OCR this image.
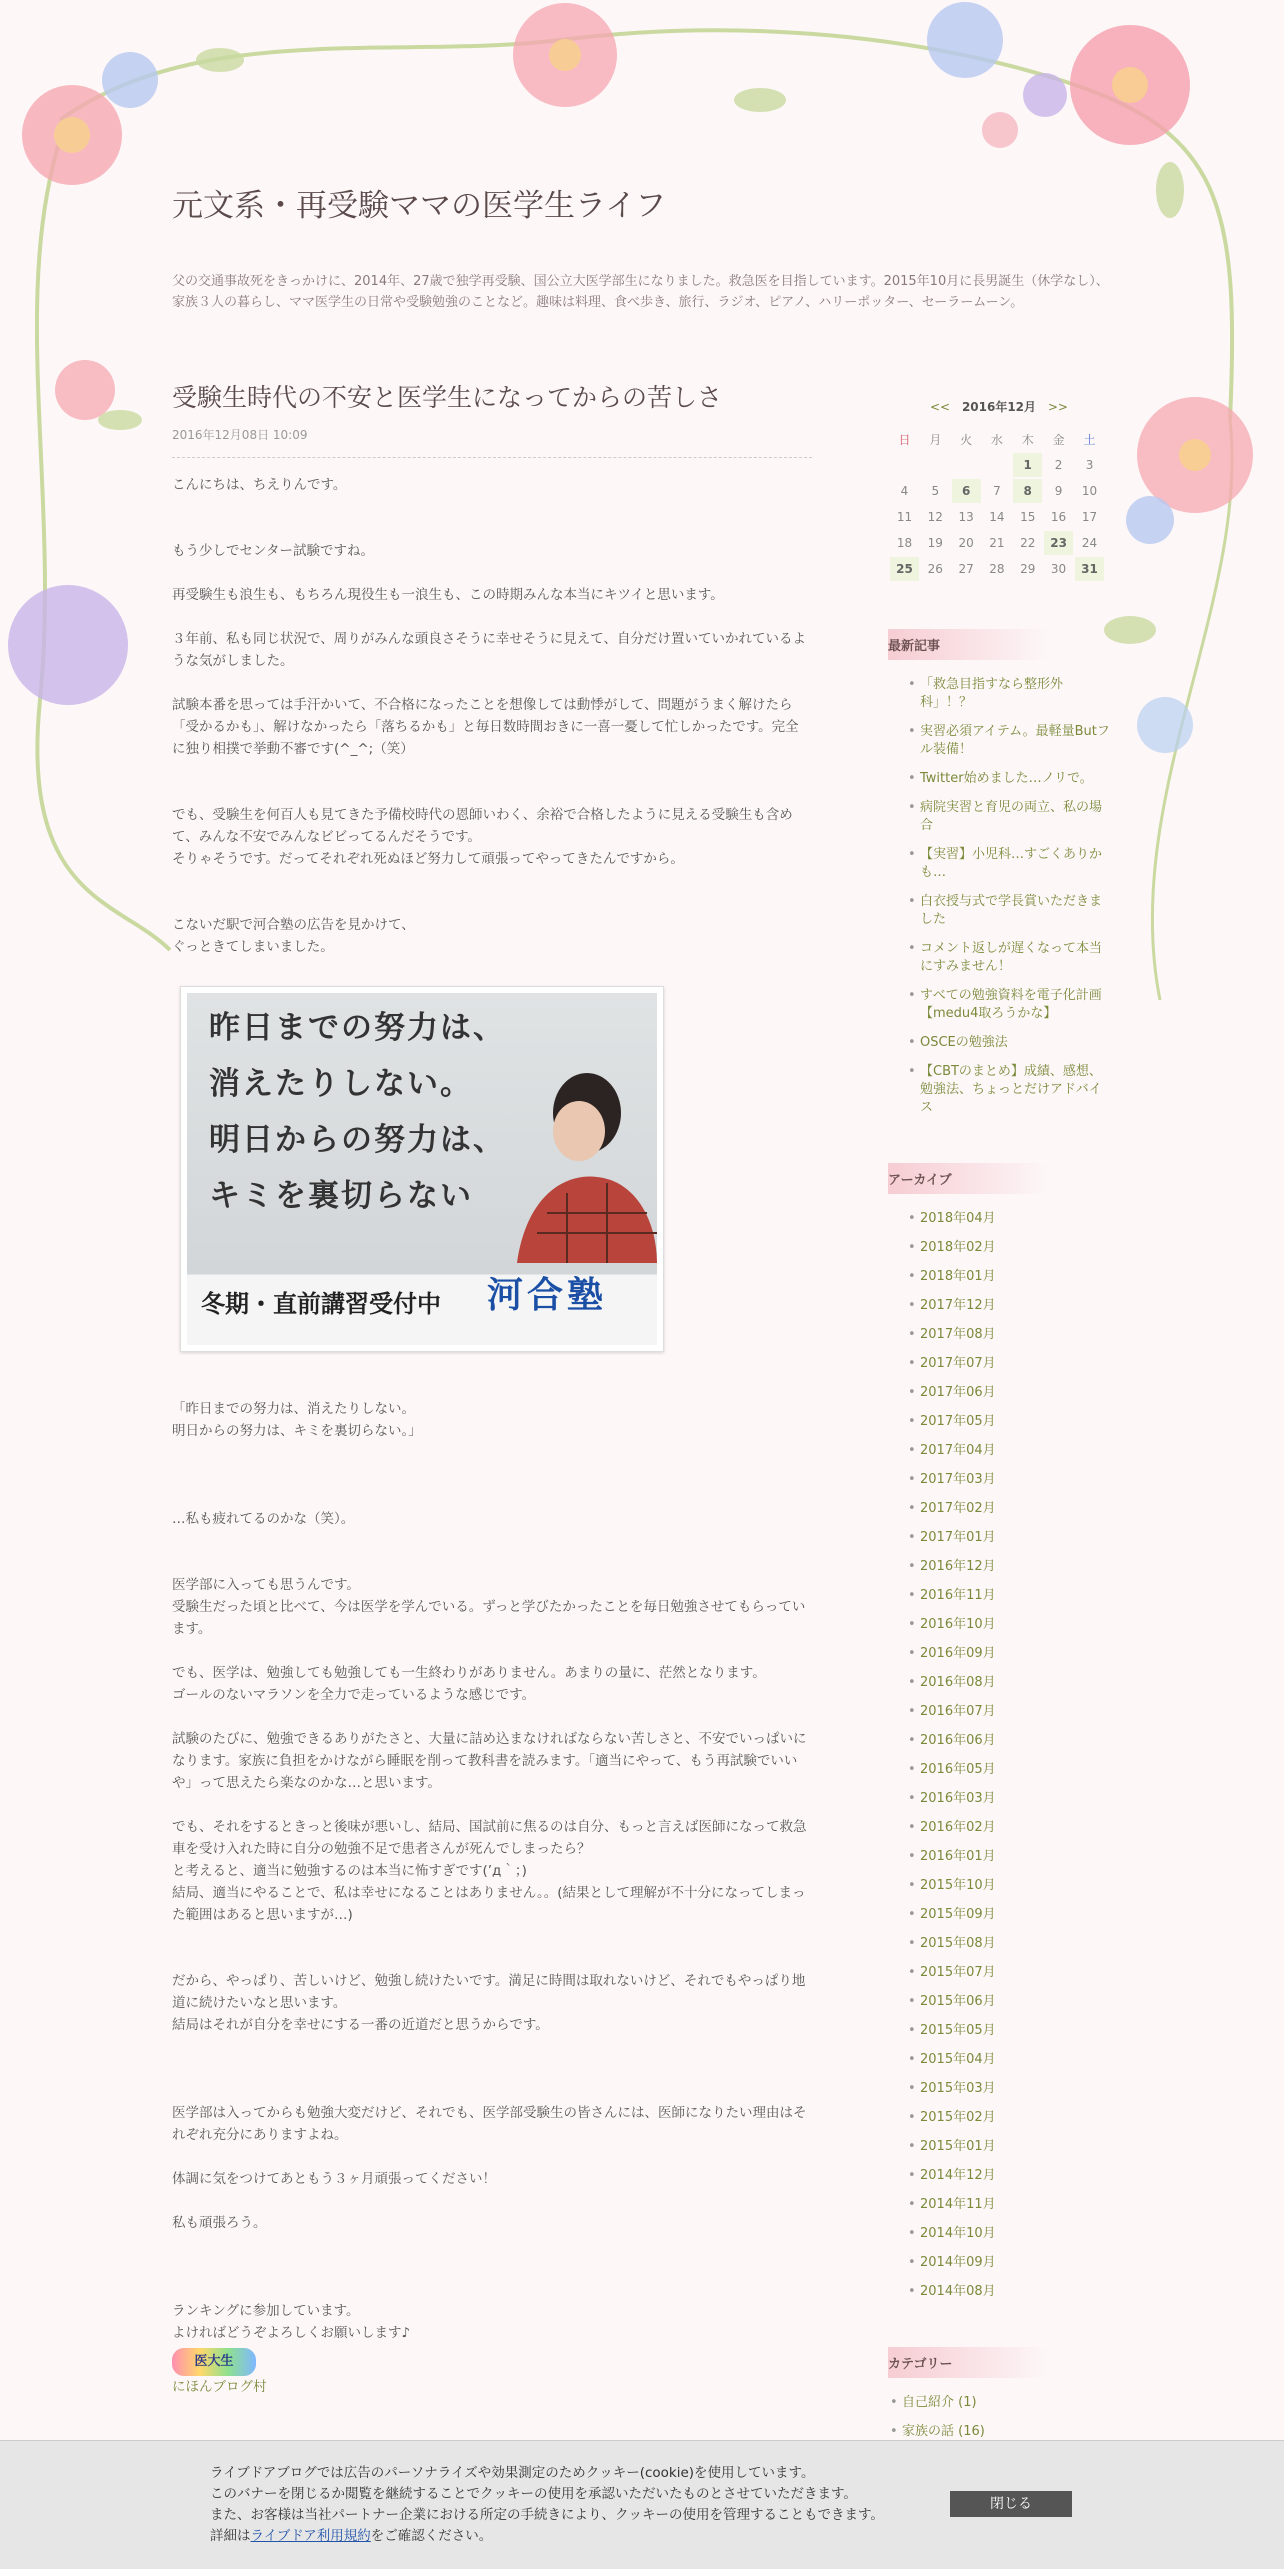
元文系・再受験ママの医学生ライフ

父の交通事故死をきっかけに、2014年、27歳で独学再受験、国公立大医学部生になりました。救急医を目指しています。2015年10月に長男誕生（休学なし）、家族３人の暮らし、ママ医学生の日常や受験勉強のことなど。趣味は料理、食べ歩き、旅行、ラジオ、ピアノ、ハリーポッター、セーラームーン。

受験生時代の不安と医学生になってからの苦しさ
2016年12月08日 10:09

こんにちは、ちえりんです。

もう少しでセンター試験ですね。

再受験生も浪生も、もちろん現役生も一浪生も、この時期みんな本当にキツイと思います。

３年前、私も同じ状況で、周りがみんな頭良さそうに幸せそうに見えて、自分だけ置いていかれているような気がしました。

試験本番を思っては手汗かいて、不合格になったことを想像しては動悸がして、問題がうまく解けたら「受かるかも」、解けなかったら「落ちるかも」と毎日数時間おきに一喜一憂して忙しかったです。完全に独り相撲で挙動不審です(^_^;（笑）

でも、受験生を何百人も見てきた予備校時代の恩師いわく、余裕で合格したように見える受験生も含めて、みんな不安でみんなビビってるんだそうです。
そりゃそうです。だってそれぞれ死ぬほど努力して頑張ってやってきたんですから。

こないだ駅で河合塾の広告を見かけて、
ぐっときてしまいました。

昨日までの努力は、
消えたりしない。
明日からの努力は、
キミを裏切らない
冬期・直前講習受付中 河合塾

「昨日までの努力は、消えたりしない。
明日からの努力は、キミを裏切らない。」

…私も疲れてるのかな（笑）。

医学部に入っても思うんです。
受験生だった頃と比べて、今は医学を学んでいる。ずっと学びたかったことを毎日勉強させてもらっています。

でも、医学は、勉強しても勉強しても一生終わりがありません。あまりの量に、茫然となります。
ゴールのないマラソンを全力で走っているような感じです。

試験のたびに、勉強できるありがたさと、大量に詰め込まなければならない苦しさと、不安でいっぱいになります。家族に負担をかけながら睡眠を削って教科書を読みます。「適当にやって、もう再試験でいいや」って思えたら楽なのかな…と思います。

でも、それをするときっと後味が悪いし、結局、国試前に焦るのは自分、もっと言えば医師になって救急車を受け入れた時に自分の勉強不足で患者さんが死んでしまったら？
と考えると、適当に勉強するのは本当に怖すぎです(’д｀；)
結局、適当にやることで、私は幸せになることはありません。。(結果として理解が不十分になってしまった範囲はあると思いますが…)

だから、やっぱり、苦しいけど、勉強し続けたいです。満足に時間は取れないけど、それでもやっぱり地道に続けたいなと思います。
結局はそれが自分を幸せにする一番の近道だと思うからです。

医学部は入ってからも勉強大変だけど、それでも、医学部受験生の皆さんには、医師になりたい理由はそれぞれ充分にありますよね。

体調に気をつけてあともう３ヶ月頑張ってください！

私も頑張ろう。

ランキングに参加しています。
よければどうぞよろしくお願いします♪

医大生

にほんブログ村

<< 2016年12月 >>
日	月	火	水	木	金	土
				1	2	3
4	5	6	7	8	9	10
11	12	13	14	15	16	17
18	19	20	21	22	23	24
25	26	27	28	29	30	31
最新記事
• 「救急目指すなら整形外科」！？
• 実習必須アイテム。最軽量Butフル装備！
• Twitter始めました…ノリで。
• 病院実習と育児の両立、私の場合
• 【実習】小児科…すごくありかも…
• 白衣授与式で学長賞いただきました
• コメント返しが遅くなって本当にすみません！
• すべての勉強資料を電子化計画【medu4取ろうかな】
• OSCEの勉強法
• 【CBTのまとめ】成績、感想、勉強法、ちょっとだけアドバイス
アーカイブ
• 2018年04月
• 2018年02月
• 2018年01月
• 2017年12月
• 2017年08月
• 2017年07月
• 2017年06月
• 2017年05月
• 2017年04月
• 2017年03月
• 2017年02月
• 2017年01月
• 2016年12月
• 2016年11月
• 2016年10月
• 2016年09月
• 2016年08月
• 2016年07月
• 2016年06月
• 2016年05月
• 2016年03月
• 2016年02月
• 2016年01月
• 2015年10月
• 2015年09月
• 2015年08月
• 2015年07月
• 2015年06月
• 2015年05月
• 2015年04月
• 2015年03月
• 2015年02月
• 2015年01月
• 2014年12月
• 2014年11月
• 2014年10月
• 2014年09月
• 2014年08月
カテゴリー
• 自己紹介 (1)
• 家族の話 (16)
•
•
•
ライブドアブログでは広告のパーソナライズや効果測定のためクッキー(cookie)を使用しています。
このバナーを閉じるか閲覧を継続することでクッキーの使用を承認いただいたものとさせていただきます。
また、お客様は当社パートナー企業における所定の手続きにより、クッキーの使用を管理することもできます。
詳細はライブドア利用規約をご確認ください。
閉じる
